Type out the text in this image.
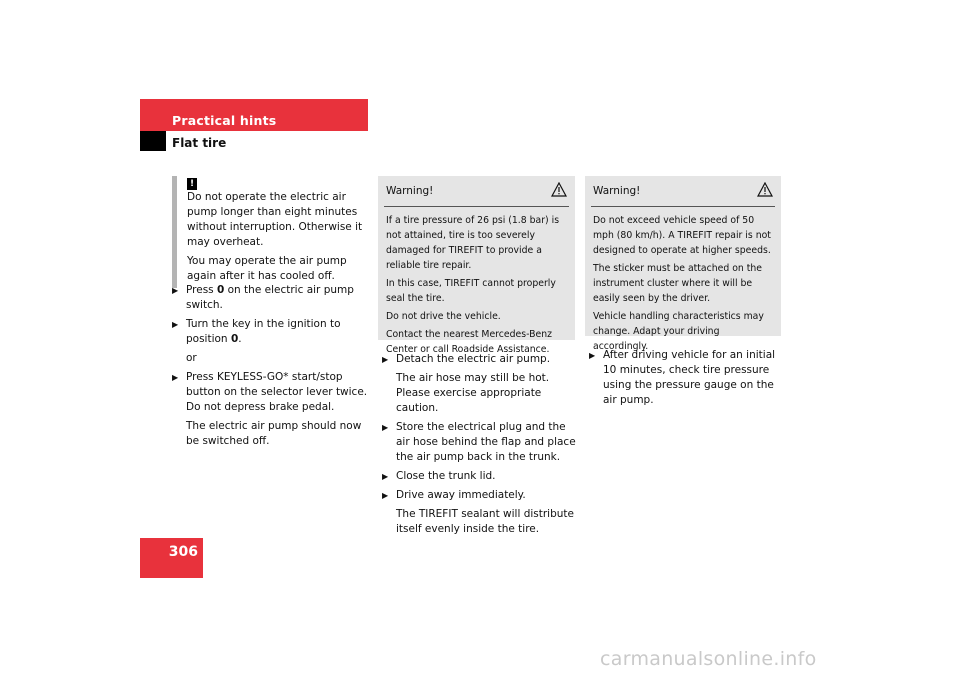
Practical hints
Flat tire
!

Do not operate the electric air pump longer than eight minutes without interruption. Otherwise it may overheat.

You may operate the air pump again after it has cooled off.

▶ Press 0 on the electric air pump switch.
▶ Turn the key in the ignition to position 0.
or
▶ Press KEYLESS-GO* start/stop button on the selector lever twice. Do not depress brake pedal.
The electric air pump should now be switched off.
Warning!

If a tire pressure of 26 psi (1.8 bar) is not attained, tire is too severely damaged for TIREFIT to provide a reliable tire repair.

In this case, TIREFIT cannot properly seal the tire.

Do not drive the vehicle.

Contact the nearest Mercedes-Benz Center or call Roadside Assistance.

▶ Detach the electric air pump.
The air hose may still be hot. Please exercise appropriate caution.
▶ Store the electrical plug and the air hose behind the flap and place the air pump back in the trunk.
▶ Close the trunk lid.
▶ Drive away immediately.
The TIREFIT sealant will distribute itself evenly inside the tire.
Warning!

Do not exceed vehicle speed of 50 mph (80 km/h). A TIREFIT repair is not designed to operate at higher speeds.

The sticker must be attached on the instrument cluster where it will be easily seen by the driver.

Vehicle handling characteristics may change. Adapt your driving accordingly.

▶ After driving vehicle for an initial 10 minutes, check tire pressure using the pressure gauge on the air pump.
306
carmanualsonline.info
